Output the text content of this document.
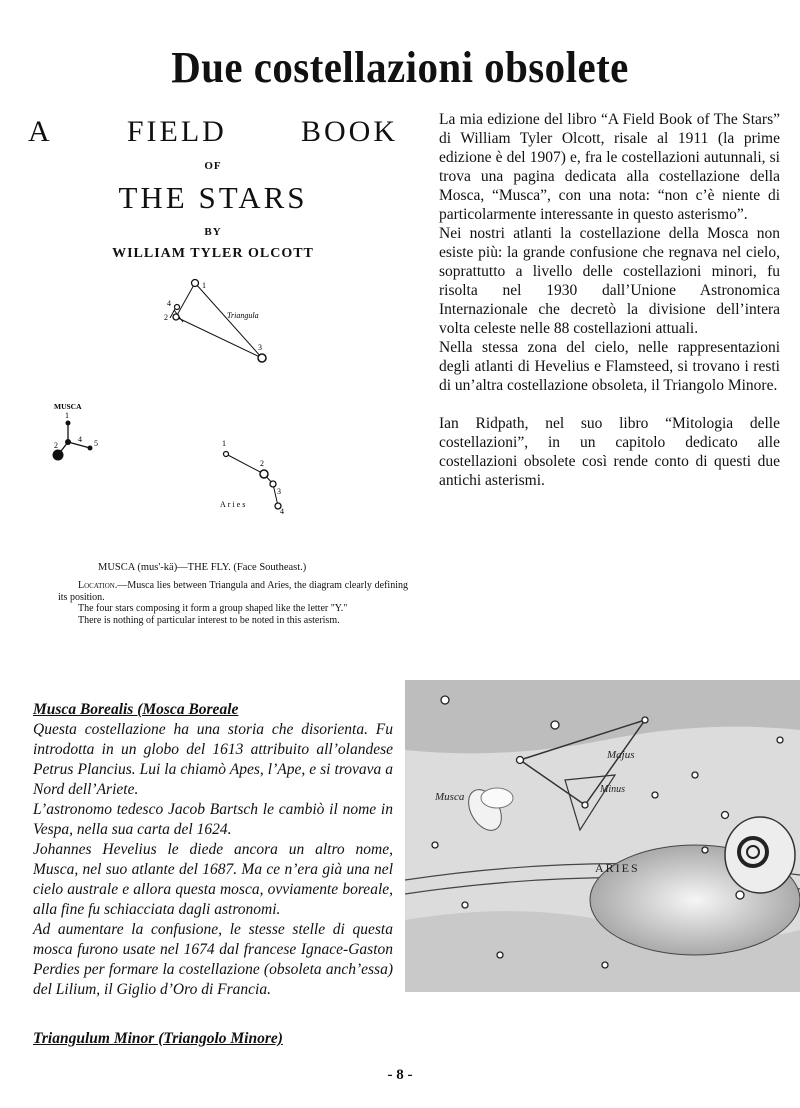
Due costellazioni obsolete
A FIELD BOOK
OF
THE STARS
BY
WILLIAM TYLER OLCOTT
1
2
3
4
Triangula
MUSCA
1
2
4 5	1
2
3
4
Aries

MUSCA (mus'-kä)—THE FLY. (Face Southeast.)

Location.—Musca lies between Triangula and Aries, the diagram clearly defining its position.

The four stars composing it form a group shaped like the letter "Y."

There is nothing of particular interest to be noted in this asterism.

La mia edizione del libro “A Field Book of The Stars” di William Tyler Olcott, risale al 1911 (la prime edizione è del 1907) e, fra le costellazioni autunnali, si trova una pagina dedicata alla costellazione della Mosca, “Musca”, con una nota: “non c’è niente di particolarmente interessante in questo asterismo”.

Nei nostri atlanti la costellazione della Mosca non esiste più: la grande confusione che regnava nel cielo, soprattutto a livello delle costellazioni minori, fu risolta nel 1930 dall’Unione Astronomica Internazionale che decretò la divisione dell’intera volta celeste nelle 88 costellazioni attuali.

Nella stessa zona del cielo, nelle rappresentazioni degli atlanti di Hevelius e Flamsteed, si trovano i resti di un’altra costellazione obsoleta, il Triangolo Minore.

Ian Ridpath, nel suo libro “Mitologia delle costellazioni”, in un capitolo dedicato alle costellazioni obsolete così rende conto di questi due antichi asterismi.

Musca Borealis (Mosca Boreale

Questa costellazione ha una storia che disorienta. Fu introdotta in un globo del 1613 attribuito all’olandese Petrus Plancius. Lui la chiamò Apes, l’Ape, e si trovava a Nord dell’Ariete.

L’astronomo tedesco Jacob Bartsch le cambiò il nome in Vespa, nella sua carta del 1624.

Johannes Hevelius le diede ancora un altro nome, Musca, nel suo atlante del 1687. Ma ce n’era già una nel cielo australe e allora questa mosca, ovviamente boreale, alla fine fu schiacciata dagli astronomi.

Ad aumentare la confusione, le stesse stelle di questa mosca furono usate nel 1674 dal francese Ignace-Gaston Perdies per formare la costellazione (obsoleta anch’essa) del Lilium, il Giglio d’Oro di Francia.

Triangulum Minor (Triangolo Minore)
Majus
Musca
Minus
ARIES
- 8 -
